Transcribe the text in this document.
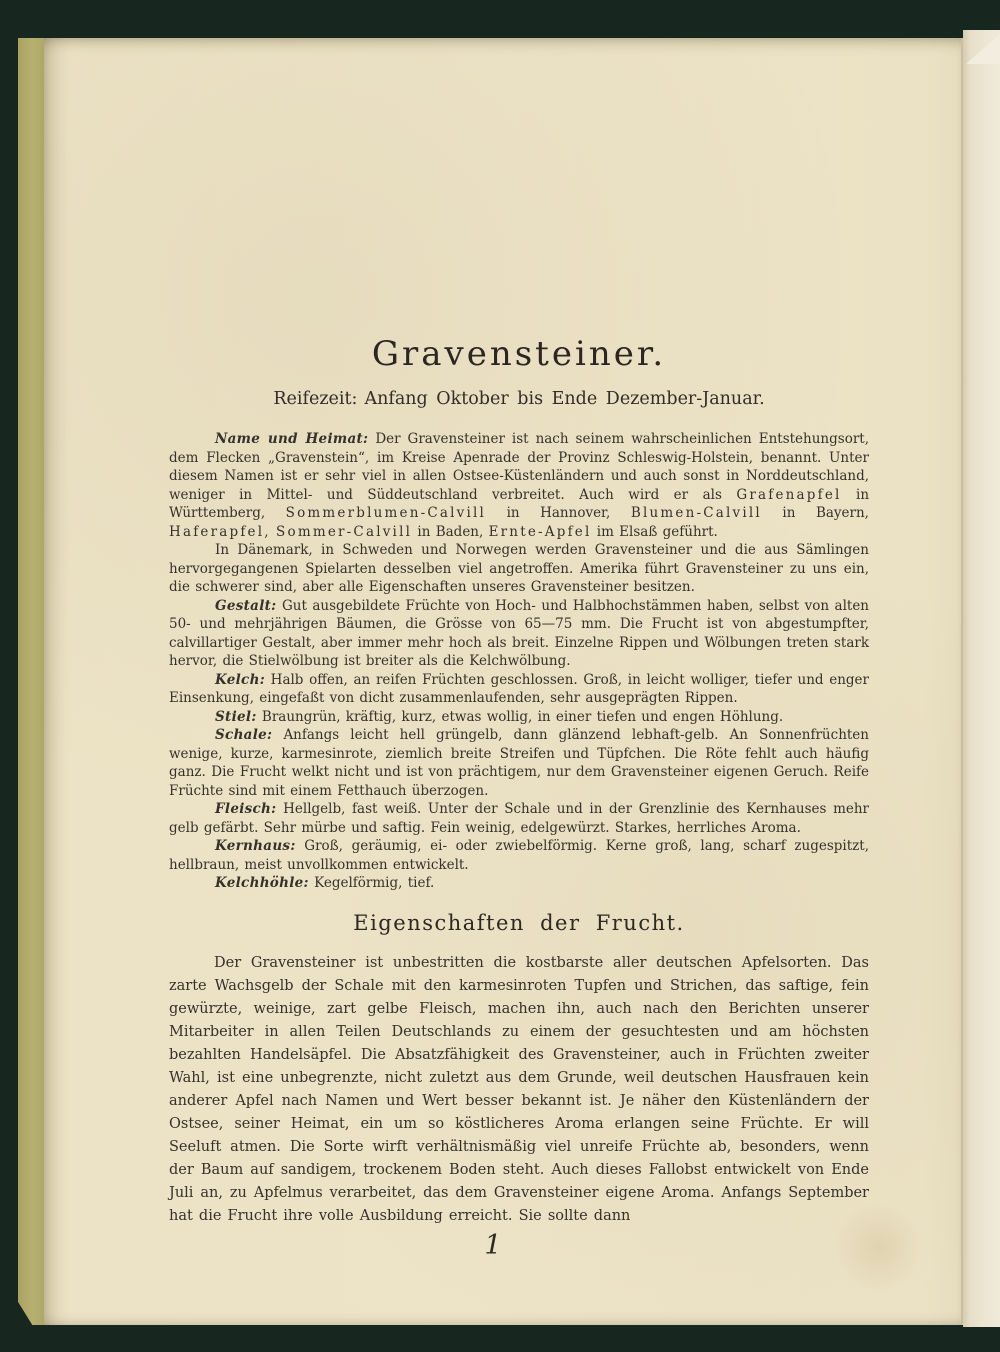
Gravensteiner.

Reifezeit: Anfang Oktober bis Ende Dezember-Januar.

Name und Heimat: Der Gravensteiner ist nach seinem wahrscheinlichen Entstehungsort, dem Flecken „Gravenstein“, im Kreise Apenrade der Provinz Schleswig-Holstein, benannt. Unter diesem Namen ist er sehr viel in allen Ostsee-Küstenländern und auch sonst in Norddeutschland, weniger in Mittel- und Süddeutschland verbreitet. Auch wird er als Grafenapfel in Württemberg, Sommerblumen-Calvill in Hannover, Blumen-Calvill in Bayern, Haferapfel, Sommer-Calvill in Baden, Ernte-Apfel im Elsaß geführt.

In Dänemark, in Schweden und Norwegen werden Gravensteiner und die aus Sämlingen hervorgegangenen Spielarten desselben viel angetroffen. Amerika führt Gravensteiner zu uns ein, die schwerer sind, aber alle Eigenschaften unseres Gravensteiner besitzen.

Gestalt: Gut ausgebildete Früchte von Hoch- und Halbhochstämmen haben, selbst von alten 50- und mehrjährigen Bäumen, die Grösse von 65—75 mm. Die Frucht ist von abgestumpfter, calvillartiger Gestalt, aber immer mehr hoch als breit. Einzelne Rippen und Wölbungen treten stark hervor, die Stielwölbung ist breiter als die Kelchwölbung.

Kelch: Halb offen, an reifen Früchten geschlossen. Groß, in leicht wolliger, tiefer und enger Einsenkung, eingefaßt von dicht zusammenlaufenden, sehr ausgeprägten Rippen.

Stiel: Braungrün, kräftig, kurz, etwas wollig, in einer tiefen und engen Höhlung.

Schale: Anfangs leicht hell grüngelb, dann glänzend lebhaft-gelb. An Sonnenfrüchten wenige, kurze, karmesinrote, ziemlich breite Streifen und Tüpfchen. Die Röte fehlt auch häufig ganz. Die Frucht welkt nicht und ist von prächtigem, nur dem Gravensteiner eigenen Geruch. Reife Früchte sind mit einem Fetthauch überzogen.

Fleisch: Hellgelb, fast weiß. Unter der Schale und in der Grenzlinie des Kernhauses mehr gelb gefärbt. Sehr mürbe und saftig. Fein weinig, edelgewürzt. Starkes, herrliches Aroma.

Kernhaus: Groß, geräumig, ei- oder zwiebelförmig. Kerne groß, lang, scharf zugespitzt, hellbraun, meist unvollkommen entwickelt.

Kelchhöhle: Kegelförmig, tief.

Eigenschaften der Frucht.

Der Gravensteiner ist unbestritten die kostbarste aller deutschen Apfelsorten. Das zarte Wachsgelb der Schale mit den karmesinroten Tupfen und Strichen, das saftige, fein gewürzte, weinige, zart gelbe Fleisch, machen ihn, auch nach den Berichten unserer Mitarbeiter in allen Teilen Deutschlands zu einem der gesuchtesten und am höchsten bezahlten Handelsäpfel. Die Absatzfähigkeit des Gravensteiner, auch in Früchten zweiter Wahl, ist eine unbegrenzte, nicht zuletzt aus dem Grunde, weil deutschen Hausfrauen kein anderer Apfel nach Namen und Wert besser bekannt ist. Je näher den Küstenländern der Ostsee, seiner Heimat, ein um so köstlicheres Aroma erlangen seine Früchte. Er will Seeluft atmen. Die Sorte wirft verhältnismäßig viel unreife Früchte ab, besonders, wenn der Baum auf sandigem, trockenem Boden steht. Auch dieses Fallobst entwickelt von Ende Juli an, zu Apfelmus verarbeitet, das dem Gravensteiner eigene Aroma. Anfangs September hat die Frucht ihre volle Ausbildung erreicht. Sie sollte dann

1
